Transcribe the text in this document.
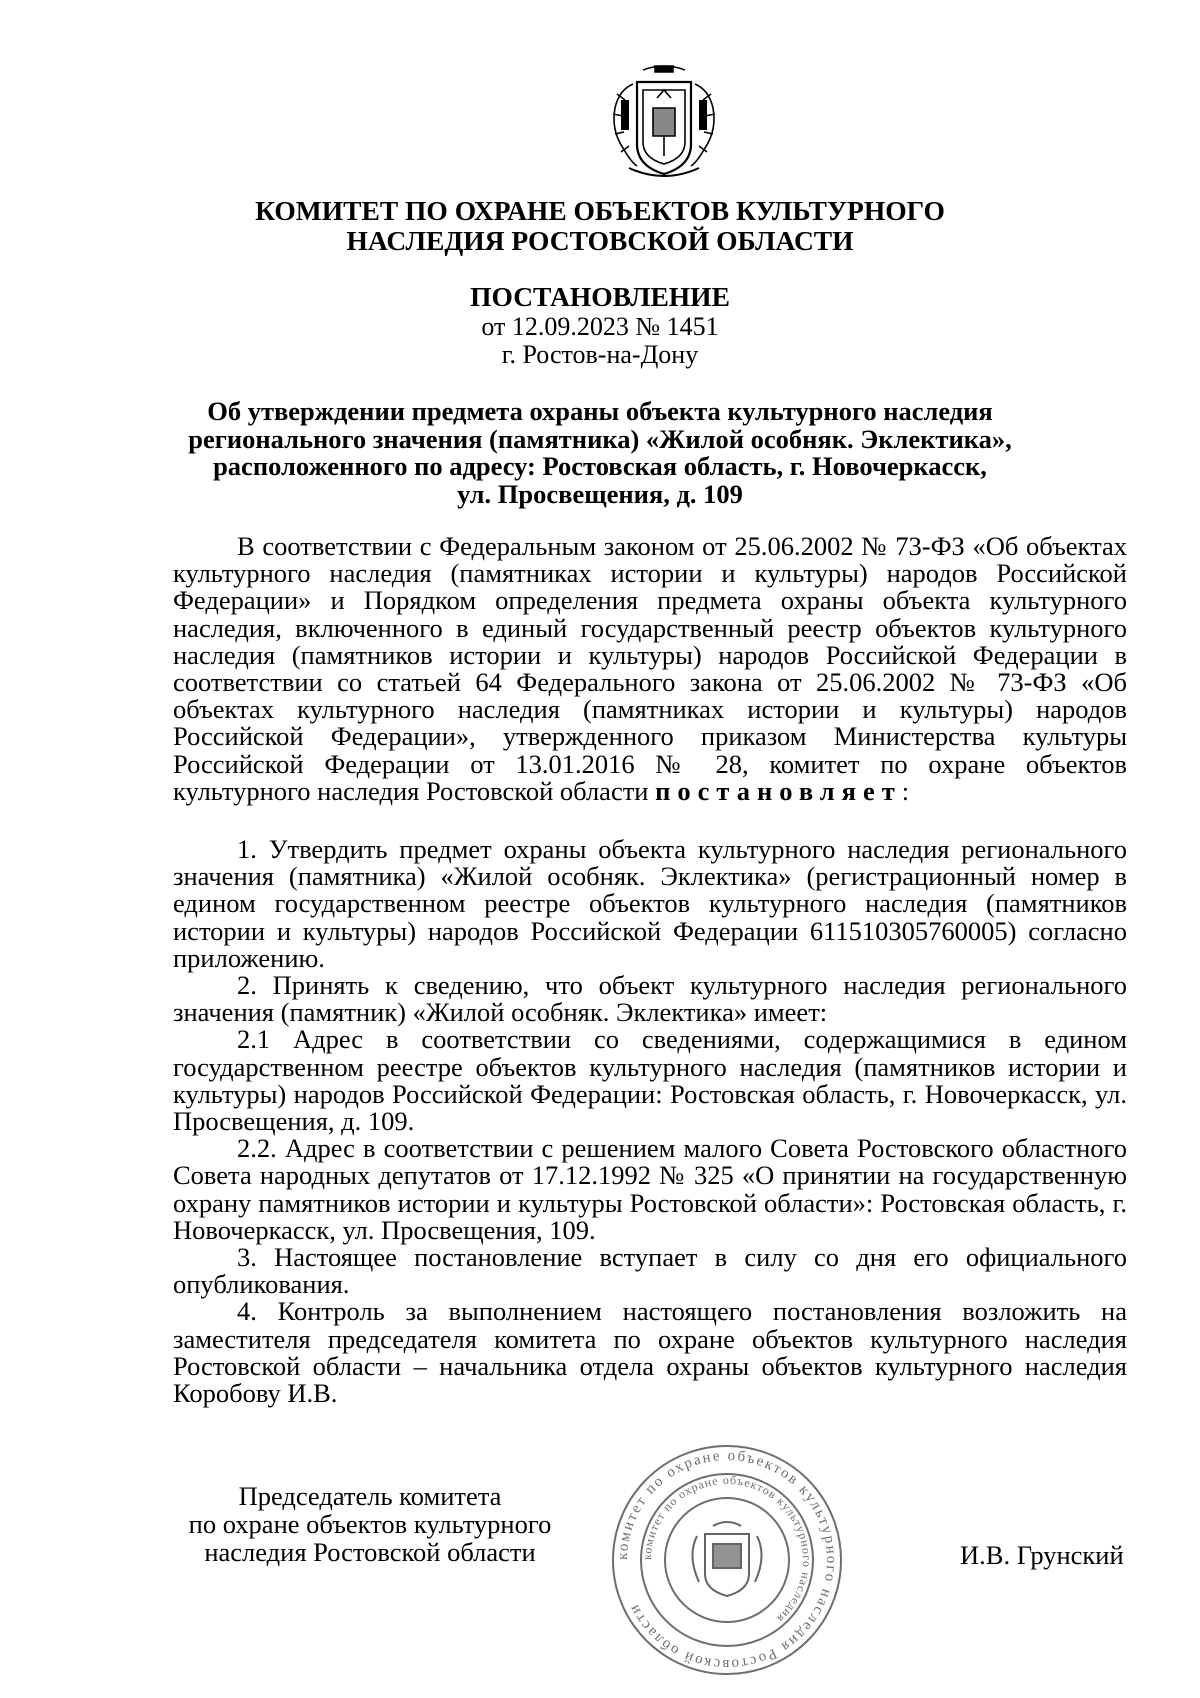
КОМИТЕТ ПО ОХРАНЕ ОБЪЕКТОВ КУЛЬТУРНОГО
НАСЛЕДИЯ РОСТОВСКОЙ ОБЛАСТИ
ПОСТАНОВЛЕНИЕ
от 12.09.2023 № 1451
г. Ростов-на-Дону
Об утверждении предмета охраны объекта культурного наследия
регионального значения (памятника) «Жилой особняк. Эклектика»,
расположенного по адресу: Ростовская область, г. Новочеркасск,
ул. Просвещения, д. 109

В соответствии с Федеральным законом от 25.06.2002 № 73-ФЗ «Об объектах культурного наследия (памятниках истории и культуры) народов Российской Федерации» и Порядком определения предмета охраны объекта культурного наследия, включенного в единый государственный реестр объектов культурного наследия (памятников истории и культуры) народов Российской Федерации в соответствии со статьей 64 Федерального закона от 25.06.2002 № 73-ФЗ «Об объектах культурного наследия (памятниках истории и культуры) народов Российской Федерации», утвержденного приказом Министерства культуры Российской Федерации от 13.01.2016 № 28, комитет по охране объектов культурного наследия Ростовской области постановляет:

1. Утвердить предмет охраны объекта культурного наследия регионального значения (памятника) «Жилой особняк. Эклектика» (регистрационный номер в едином государственном реестре объектов культурного наследия (памятников истории и культуры) народов Российской Федерации 611510305760005) согласно приложению.

2. Принять к сведению, что объект культурного наследия регионального значения (памятник) «Жилой особняк. Эклектика» имеет:

2.1 Адрес в соответствии со сведениями, содержащимися в едином государственном реестре объектов культурного наследия (памятников истории и культуры) народов Российской Федерации: Ростовская область, г. Новочеркасск, ул. Просвещения, д. 109.

2.2. Адрес в соответствии с решением малого Совета Ростовского областного Совета народных депутатов от 17.12.1992 № 325 «О принятии на государственную охрану памятников истории и культуры Ростовской области»: Ростовская область, г. Новочеркасск, ул. Просвещения, 109.

3. Настоящее постановление вступает в силу со дня его официального опубликования.

4. Контроль за выполнением настоящего постановления возложить на заместителя председателя комитета по охране объектов культурного наследия Ростовской области – начальника отдела охраны объектов культурного наследия Коробову И.В.

Председатель комитета
по охране объектов культурного
наследия Ростовской области	комитет по охране объектов культурного наследия Ростовской области
комитет по охране объектов культурного наследия
И.В. Грунский
